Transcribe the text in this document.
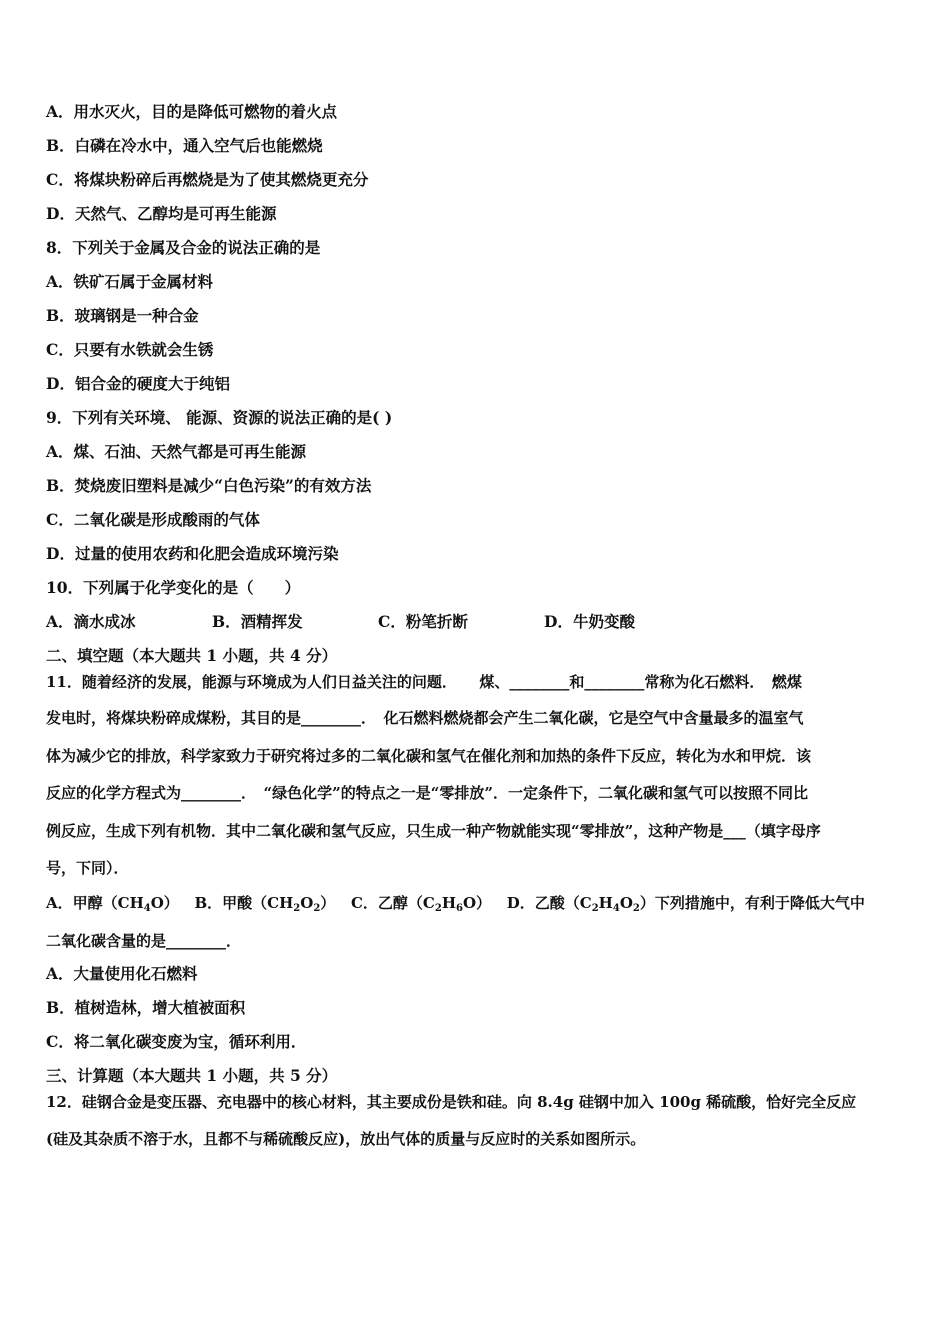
A．用水灭火，目的是降低可燃物的着火点
B．白磷在冷水中，通入空气后也能燃烧
C．将煤块粉碎后再燃烧是为了使其燃烧更充分
D．天然气、乙醇均是可再生能源
8．下列关于金属及合金的说法正确的是
A．铁矿石属于金属材料
B．玻璃钢是一种合金
C．只要有水铁就会生锈
D．铝合金的硬度大于纯铝
9．下列有关环境、 能源、资源的说法正确的是( )
A．煤、石油、天然气都是可再生能源
B．焚烧废旧塑料是减少“白色污染”的有效方法
C．二氧化碳是形成酸雨的气体
D．过量的使用农药和化肥会造成环境污染
10．下列属于化学变化的是（　　）
A．滴水成冰	B．酒精挥发	C．粉笔折断	D．牛奶变酸
二、填空题（本大题共 1 小题，共 4 分）
11．随着经济的发展，能源与环境成为人们日益关注的问题．　　煤、________和________常称为化石燃料．　燃煤
发电时，将煤块粉碎成煤粉，其目的是________．　化石燃料燃烧都会产生二氧化碳，它是空气中含量最多的温室气
体为减少它的排放，科学家致力于研究将过多的二氧化碳和氢气在催化剂和加热的条件下反应，转化为水和甲烷．该
反应的化学方程式为________．　“绿色化学”的特点之一是“零排放”．一定条件下，二氧化碳和氢气可以按照不同比
例反应，生成下列有机物．其中二氧化碳和氢气反应，只生成一种产物就能实现“零排放”，这种产物是___（填字母序
号，下同）．
A．甲醇$(CH_4O)$ B．甲酸$(CH_2O_2)$ C．乙醇$(C_2H_6O)$ D．乙酸$(C_2H_4O_2)$下列措施中，有利于降低大气中
二氧化碳含量的是________．
A．大量使用化石燃料
B．植树造林，增大植被面积
C．将二氧化碳变废为宝，循环利用．
三、计算题（本大题共 1 小题，共 5 分）
12．硅钢合金是变压器、充电器中的核心材料，其主要成份是铁和硅。向 8.4g 硅钢中加入 100g 稀硫酸，恰好完全反应
(硅及其杂质不溶于水，且都不与稀硫酸反应)，放出气体的质量与反应时的关系如图所示。
